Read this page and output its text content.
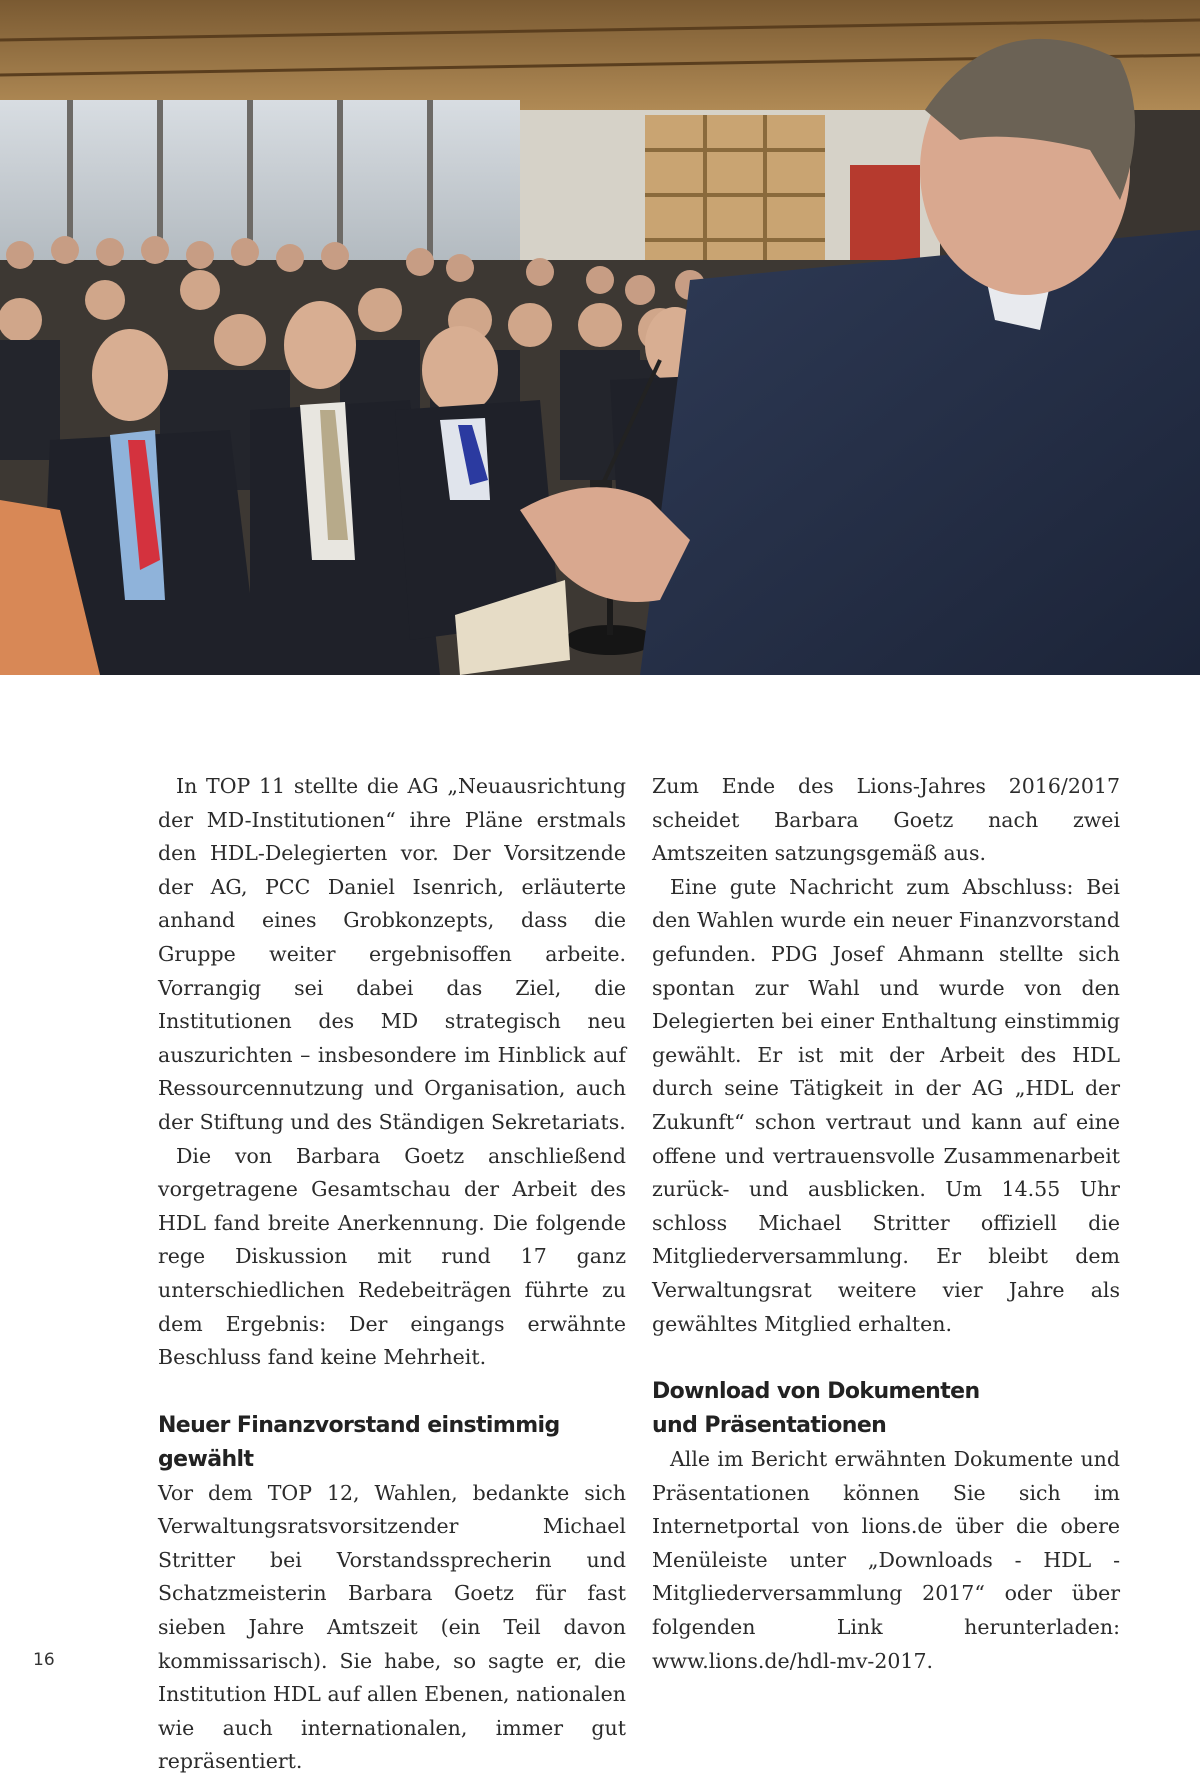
In TOP 11 stellte die AG „Neuausrichtung der MD-Institutionen“ ihre Pläne erstmals den HDL-Delegierten vor. Der Vorsitzende der AG, PCC Daniel Isenrich, erläuterte anhand eines Grobkonzepts, dass die Gruppe weiter ergebnisoffen arbeite. Vorrangig sei dabei das Ziel, die Institutionen des MD strategisch neu auszurichten – insbesondere im Hinblick auf Ressourcennutzung und Organisation, auch der Stiftung und des Ständigen Sekretariats.

Die von Barbara Goetz anschließend vorgetragene Gesamtschau der Arbeit des HDL fand breite Anerkennung. Die folgende rege Diskussion mit rund 17 ganz unterschiedlichen Redebeiträgen führte zu dem Ergebnis: Der eingangs erwähnte Beschluss fand keine Mehrheit.

Neuer Finanzvorstand einstimmig gewählt

Vor dem TOP 12, Wahlen, bedankte sich Verwaltungsratsvorsitzender Michael Stritter bei Vorstandssprecherin und Schatzmeisterin Barbara Goetz für fast sieben Jahre Amtszeit (ein Teil davon kommissarisch). Sie habe, so sagte er, die Institution HDL auf allen Ebenen, nationalen wie auch internationalen, immer gut repräsentiert.

Zum Ende des Lions-Jahres 2016/2017 scheidet Barbara Goetz nach zwei Amtszeiten satzungsgemäß aus.

Eine gute Nachricht zum Abschluss: Bei den Wahlen wurde ein neuer Finanzvorstand gefunden. PDG Josef Ahmann stellte sich spontan zur Wahl und wurde von den Delegierten bei einer Enthaltung einstimmig gewählt. Er ist mit der Arbeit des HDL durch seine Tätigkeit in der AG „HDL der Zukunft“ schon vertraut und kann auf eine offene und vertrauensvolle Zusammenarbeit zurück- und ausblicken. Um 14.55 Uhr schloss Michael Stritter offiziell die Mitgliederversammlung. Er bleibt dem Verwaltungsrat weitere vier Jahre als gewähltes Mitglied erhalten.

Download von Dokumenten
und Präsentationen

Alle im Bericht erwähnten Dokumente und Präsentationen können Sie sich im Internetportal von lions.de über die obere Menüleiste unter „Downloads - HDL - Mitgliederversammlung 2017“ oder über folgenden Link herunterladen: www.lions.de/hdl-mv-2017.

16
